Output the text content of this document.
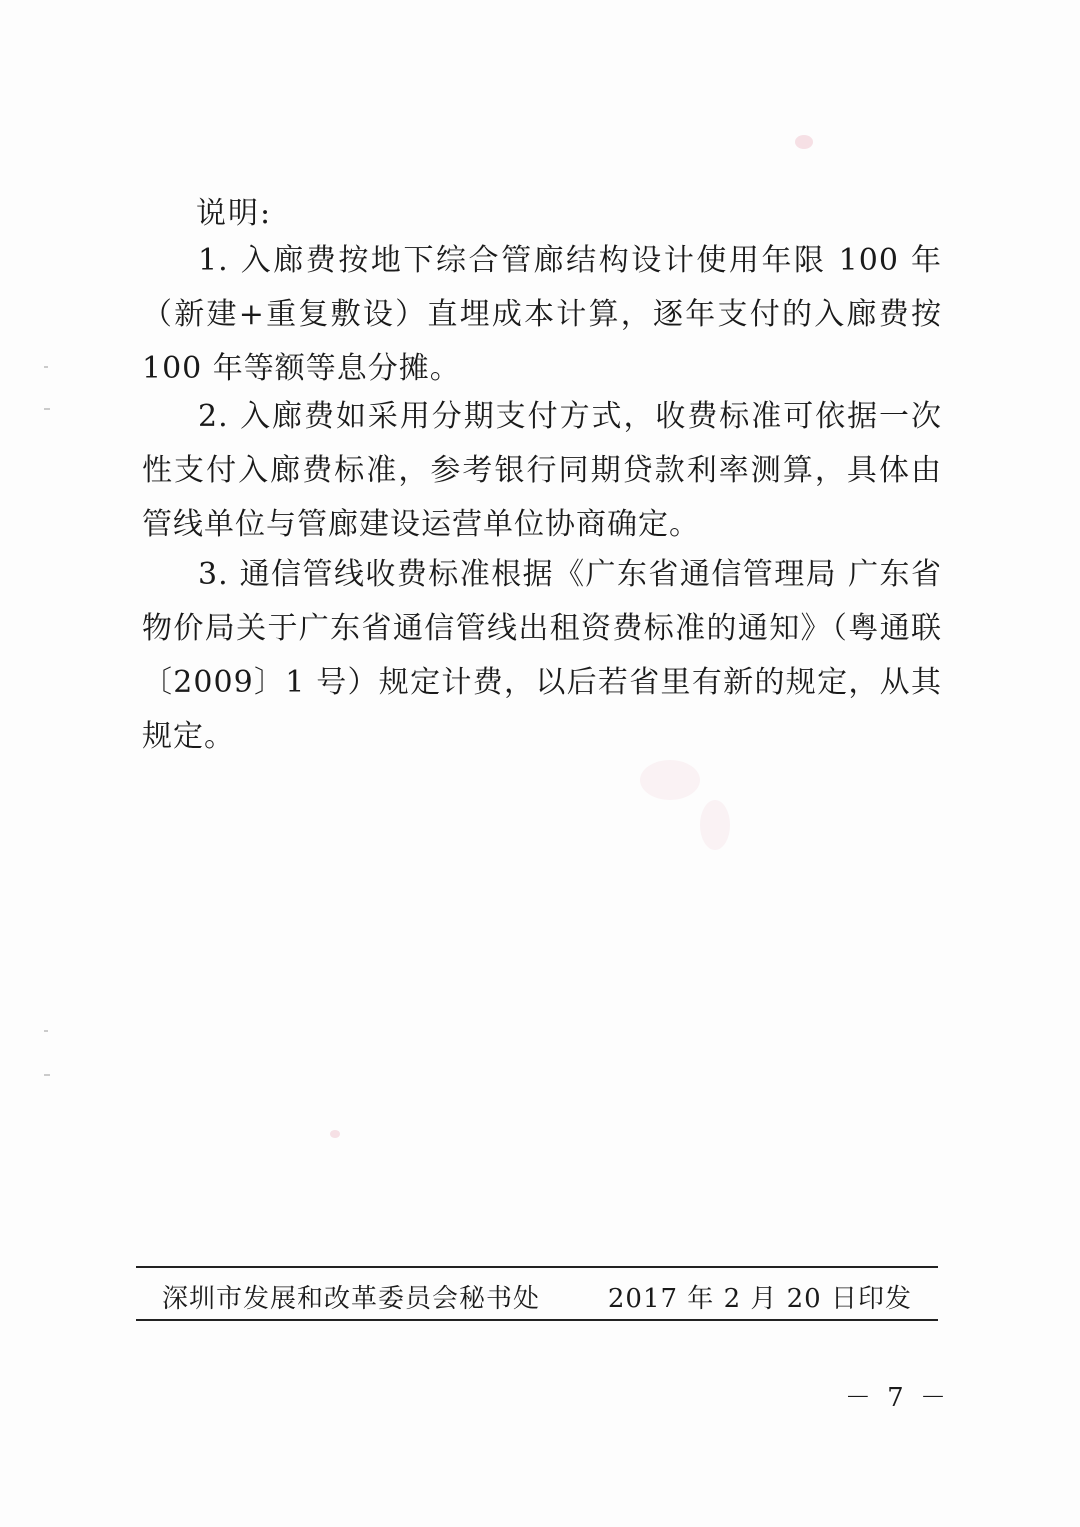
说明:
1. 入廊费按地下综合管廊结构设计使用年限 100 年（新建+重复敷设）直埋成本计算，逐年支付的入廊费按 100 年等额等息分摊。
2. 入廊费如采用分期支付方式，收费标准可依据一次性支付入廊费标准，参考银行同期贷款利率测算，具体由管线单位与管廊建设运营单位协商确定。
3. 通信管线收费标准根据《广东省通信管理局 广东省物价局关于广东省通信管线出租资费标准的通知》（粤通联〔2009〕1 号）规定计费，以后若省里有新的规定，从其规定。
深圳市发展和改革委员会秘书处	2017 年 2 月 20 日印发
－ 7 －
